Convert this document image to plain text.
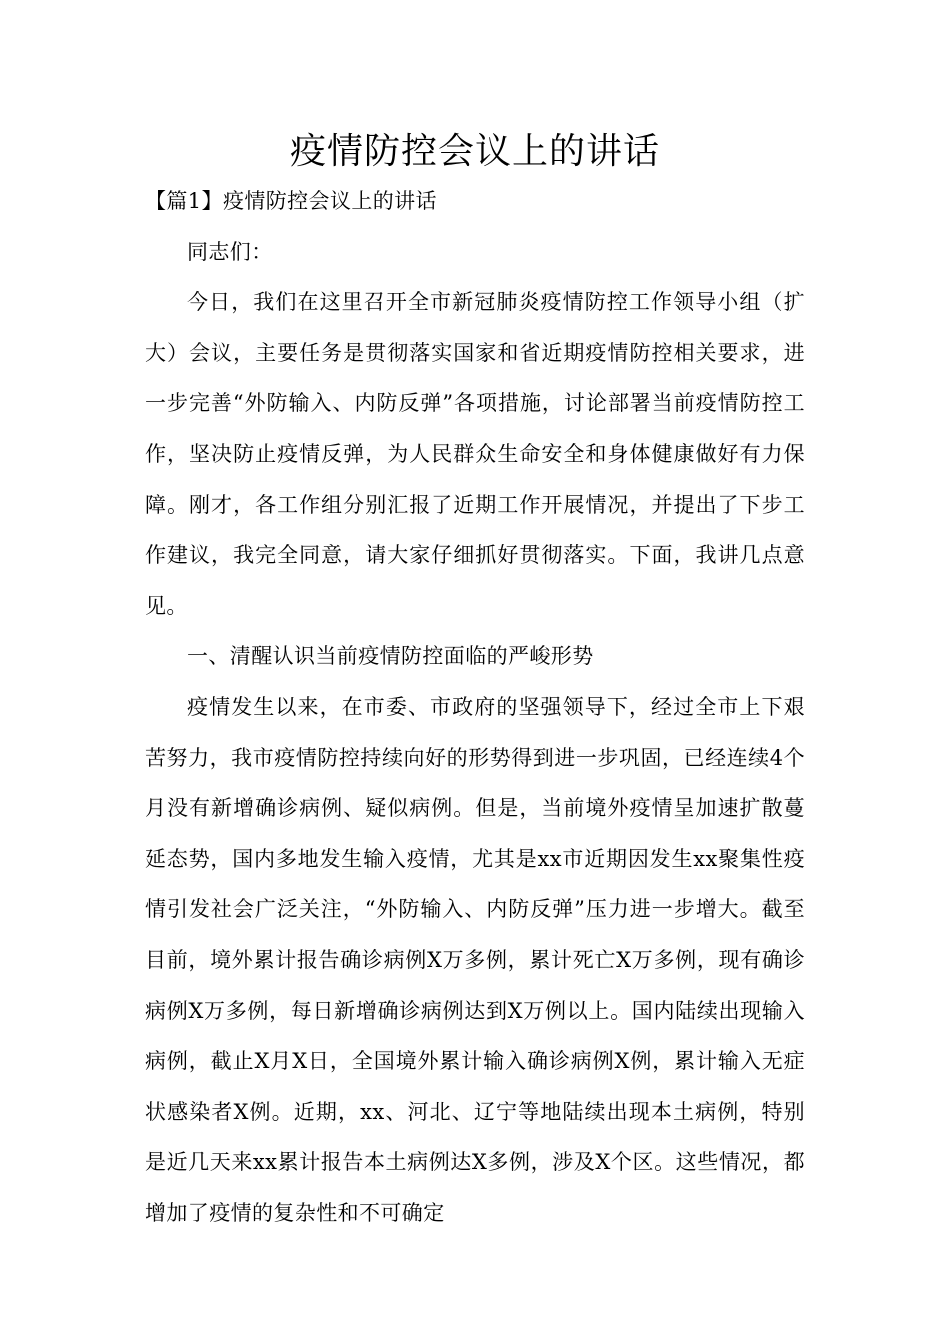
疫情防控会议上的讲话

【篇1】疫情防控会议上的讲话

同志们：

今日，我们在这里召开全市新冠肺炎疫情防控工作领导小组（扩大）会议，主要任务是贯彻落实国家和省近期疫情防控相关要求，进一步完善“外防输入、内防反弹”各项措施，讨论部署当前疫情防控工作，坚决防止疫情反弹，为人民群众生命安全和身体健康做好有力保障。刚才，各工作组分别汇报了近期工作开展情况，并提出了下步工作建议，我完全同意，请大家仔细抓好贯彻落实。下面，我讲几点意见。

一、清醒认识当前疫情防控面临的严峻形势

疫情发生以来，在市委、市政府的坚强领导下，经过全市上下艰苦努力，我市疫情防控持续向好的形势得到进一步巩固，已经连续4个月没有新增确诊病例、疑似病例。但是，当前境外疫情呈加速扩散蔓延态势，国内多地发生输入疫情，尤其是xx市近期因发生xx聚集性疫情引发社会广泛关注，“外防输入、内防反弹”压力进一步增大。截至目前，境外累计报告确诊病例X万多例，累计死亡X万多例，现有确诊病例X万多例，每日新增确诊病例达到X万例以上。国内陆续出现输入病例，截止X月X日，全国境外累计输入确诊病例X例，累计输入无症状感染者X例。近期，xx、河北、辽宁等地陆续出现本土病例，特别是近几天来xx累计报告本土病例达X多例，涉及X个区。这些情况，都增加了疫情的复杂性和不可确定
